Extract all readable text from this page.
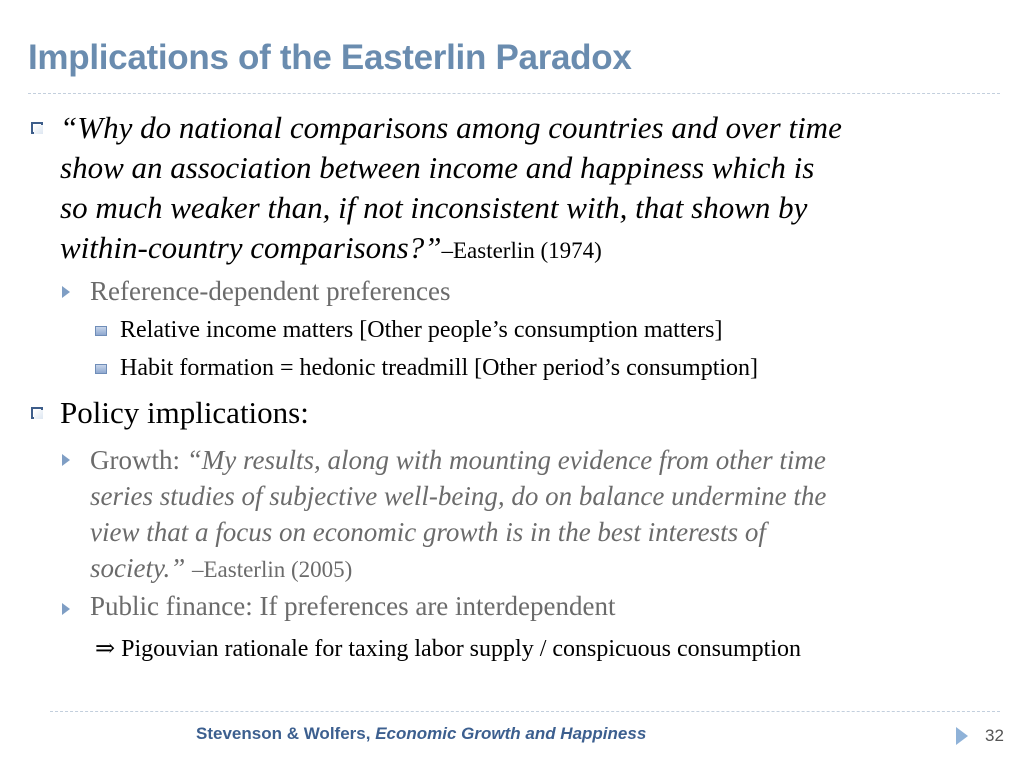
Implications of the Easterlin Paradox
“Why do national comparisons among countries and over time
show an association between income and happiness which is
so much weaker than, if not inconsistent with, that shown by
within-country comparisons?”–Easterlin (1974)
Reference-dependent preferences
Relative income matters [Other people’s consumption matters]
Habit formation = hedonic treadmill [Other period’s consumption]
Policy implications:
Growth: “My results, along with mounting evidence from other time
series studies of subjective well-being, do on balance undermine the
view that a focus on economic growth is in the best interests of
society.” –Easterlin (2005)
Public finance: If preferences are interdependent
⇒ Pigouvian rationale for taxing labor supply / conspicuous consumption
Stevenson & Wolfers, Economic Growth and Happiness	32
